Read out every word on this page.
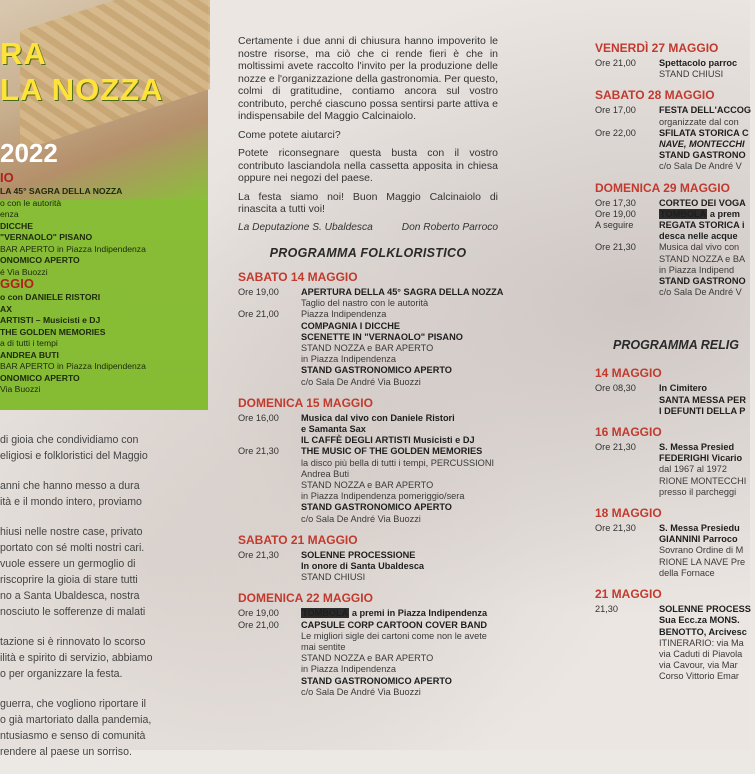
RA
LA NOZZA
2022
IO
LA 45° SAGRA DELLA NOZZA
o con le autorità
enza
DICCHE
"VERNAOLO" PISANO
BAR APERTO in Piazza Indipendenza
ONOMICO APERTO
é Via Buozzi
GGIO
o con DANIELE RISTORI
AX
ARTISTI – Musicisti e DJ
THE GOLDEN MEMORIES
a di tutti i tempi
ANDREA BUTI
BAR APERTO in Piazza Indipendenza
ONOMICO APERTO
Via Buozzi

di gioia che condividiamo con
eligiosi e folkloristici del Maggio

anni che hanno messo a dura
ità e il mondo intero, proviamo

hiusi nelle nostre case, privato
portato con sé molti nostri cari.
vuole essere un germoglio di
riscoprire la gioia di stare tutti
no a Santa Ubaldesca, nostra
nosciuto le sofferenze di malati

tazione si è rinnovato lo scorso
ilità e spirito di servizio, abbiamo
o per organizzare la festa.

guerra, che vogliono riportare il
o già martoriato dalla pandemia,
ntusiasmo e senso di comunità
rendere al paese un sorriso.

Certamente i due anni di chiusura hanno impoverito le nostre risorse, ma ciò che ci rende fieri è che in moltissimi avete raccolto l'invito per la produzione delle nozze e l'organizzazione della gastronomia. Per questo, colmi di gratitudine, contiamo ancora sul vostro contributo, perché ciascuno possa sentirsi parte attiva e indispensabile del Maggio Calcinaiolo.

Come potete aiutarci?

Potete riconsegnare questa busta con il vostro contributo lasciandola nella cassetta apposita in chiesa oppure nei negozi del paese.

La festa siamo noi! Buon Maggio Calcinaiolo di rinascita a tutti voi!

La Deputazione S. Ubaldesca	Don Roberto Parroco
PROGRAMMA FOLKLORISTICO
SABATO 14 MAGGIO
Ore 19,00	APERTURA DELLA 45° SAGRA DELLA NOZZA
Taglio del nastro con le autorità
Ore 21,00	Piazza Indipendenza
COMPAGNIA I DICCHE
SCENETTE IN "VERNAOLO" PISANO
STAND NOZZA e BAR APERTO
in Piazza Indipendenza
STAND GASTRONOMICO APERTO
c/o Sala De André Via Buozzi
DOMENICA 15 MAGGIO
Ore 16,00	Musica dal vivo con Daniele Ristori
e Samanta Sax
IL CAFFÈ DEGLI ARTISTI Musicisti e DJ
Ore 21,30	THE MUSIC OF THE GOLDEN MEMORIES
la disco più bella di tutti i tempi, PERCUSSIONI
Andrea Buti
STAND NOZZA e BAR APERTO
in Piazza Indipendenza pomeriggio/sera
STAND GASTRONOMICO APERTO
c/o Sala De André Via Buozzi
SABATO 21 MAGGIO
Ore 21,30	SOLENNE PROCESSIONE
In onore di Santa Ubaldesca
STAND CHIUSI
DOMENICA 22 MAGGIO
Ore 19,00	TOMBOLA a premi in Piazza Indipendenza
Ore 21,00	CAPSULE CORP CARTOON COVER BAND
Le migliori sigle dei cartoni come non le avete
mai sentite
STAND NOZZA e BAR APERTO
in Piazza Indipendenza
STAND GASTRONOMICO APERTO
c/o Sala De André Via Buozzi
VENERDÌ 27 MAGGIO
Ore 21,00	Spettacolo parroc
STAND CHIUSI
SABATO 28 MAGGIO
Ore 17,00	FESTA DELL'ACCOG
organizzate dal con
Ore 22,00	SFILATA STORICA C
NAVE, MONTECCHI
STAND GASTRONO
c/o Sala De André V
DOMENICA 29 MAGGIO
Ore 17,30	CORTEO DEI VOGA
Ore 19,00	TOMBOLA a prem
A seguire	REGATA STORICA i
desca nelle acque
Ore 21,30	Musica dal vivo con
STAND NOZZA e BA
in Piazza Indipend
STAND GASTRONO
c/o Sala De André V
PROGRAMMA RELIG
14 MAGGIO
Ore 08,30	In Cimitero
SANTA MESSA PER
I DEFUNTI DELLA P
16 MAGGIO
Ore 21,30	S. Messa Presied
FEDERIGHI Vicario
dal 1967 al 1972
RIONE MONTECCHI
presso il parcheggi
18 MAGGIO
Ore 21,30	S. Messa Presiedu
GIANNINI Parroco
Sovrano Ordine di M
RIONE LA NAVE Pre
della Fornace
21 MAGGIO
21,30	SOLENNE PROCESS
Sua Ecc.za MONS.
BENOTTO, Arcivesc
ITINERARIO: via Ma
via Caduti di Piavola
via Cavour, via Mar
Corso Vittorio Emar
